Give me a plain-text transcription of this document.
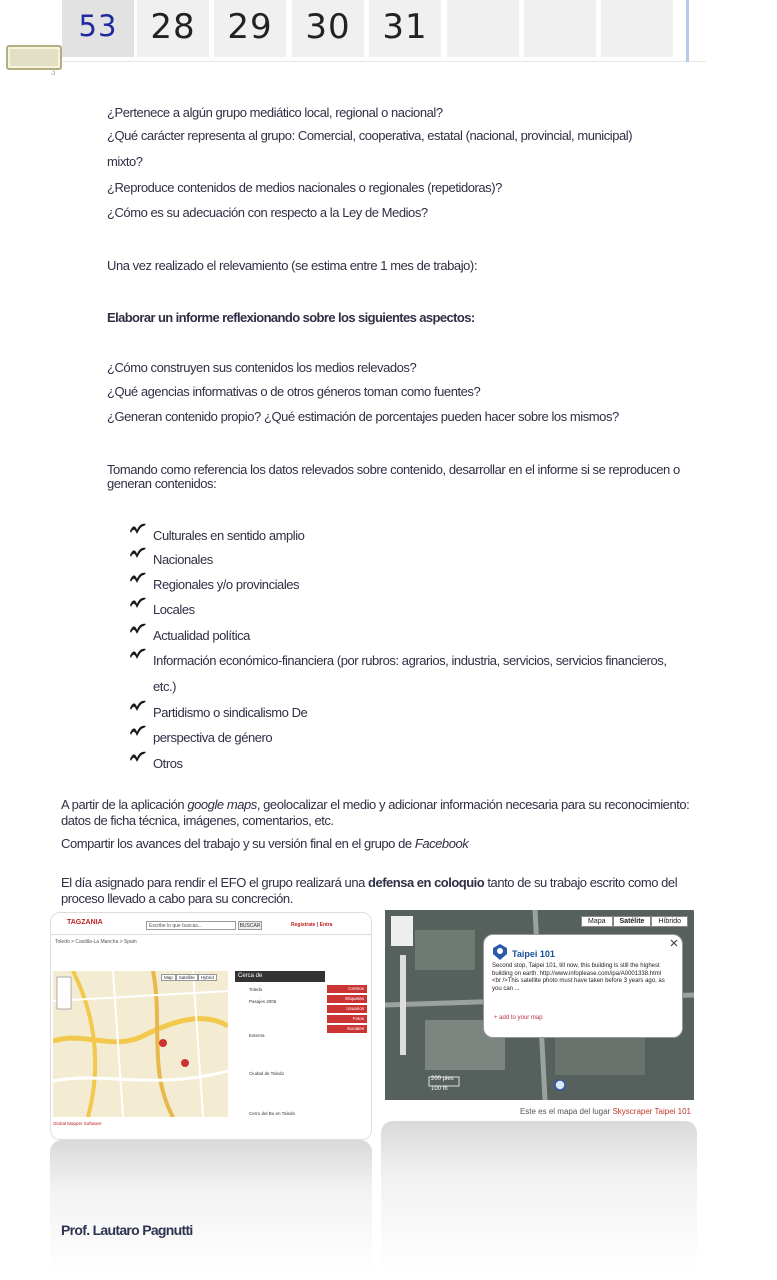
53 28 29 30 31
3
¿Pertenece a algún grupo mediático local, regional o nacional?
¿Qué carácter representa al grupo: Comercial, cooperativa, estatal (nacional, provincial, municipal)
mixto?
¿Reproduce contenidos de medios nacionales o regionales (repetidoras)?
¿Cómo es su adecuación con respecto a la Ley de Medios?
Una vez realizado el relevamiento (se estima entre 1 mes de trabajo):
Elaborar un informe reflexionando sobre los siguientes aspectos:
¿Cómo construyen sus contenidos los medios relevados?
¿Qué agencias informativas o de otros géneros toman como fuentes?
¿Generan contenido propio? ¿Qué estimación de porcentajes pueden hacer sobre los mismos?
Tomando como referencia los datos relevados sobre contenido, desarrollar en el informe si se reproducen o generan contenidos:
Culturales en sentido amplio
Nacionales
Regionales y/o provinciales
Locales
Actualidad política
Información económico-financiera (por rubros: agrarios, industria, servicios, servicios financieros,
etc.)
Partidismo o sindicalismo De
perspectiva de género
Otros
A partir de la aplicación google maps, geolocalizar el medio y adicionar información necesaria para su reconocimiento: datos de ficha técnica, imágenes, comentarios, etc.
Compartir los avances del trabajo y su versión final en el grupo de Facebook
El día asignado para rendir el EFO el grupo realizará una defensa en coloquio tanto de su trabajo escrito como del proceso llevado a cabo para su concreción.
TAGZANIA	Escribe lo que buscas...	BUSCAR	Registrate | Entra
Toledo > Castilla-La Mancha > Spain
Map	Satellite	Hybrid	Cerca de
Toledo
Pasajes 2006
Externa
Ciudad de Toledo
Cerro del Bu en Toledo
Centros
Etiquetas
Usuarios
Fotos
Sociales
Global Mapper Software
Mapa	Satélite	Híbrido
200 pies
100 m
Taipei 101
Second stop, Taipei 101, till now, this building is still the highest building on earth. http://www.infoplease.com/ipa/A0001338.html <br />This satellite photo must have taken before 3 years ago, as you can ...
+ add to your map
Este es el mapa del lugar Skyscraper Taipei 101
Prof. Lautaro Pagnutti
